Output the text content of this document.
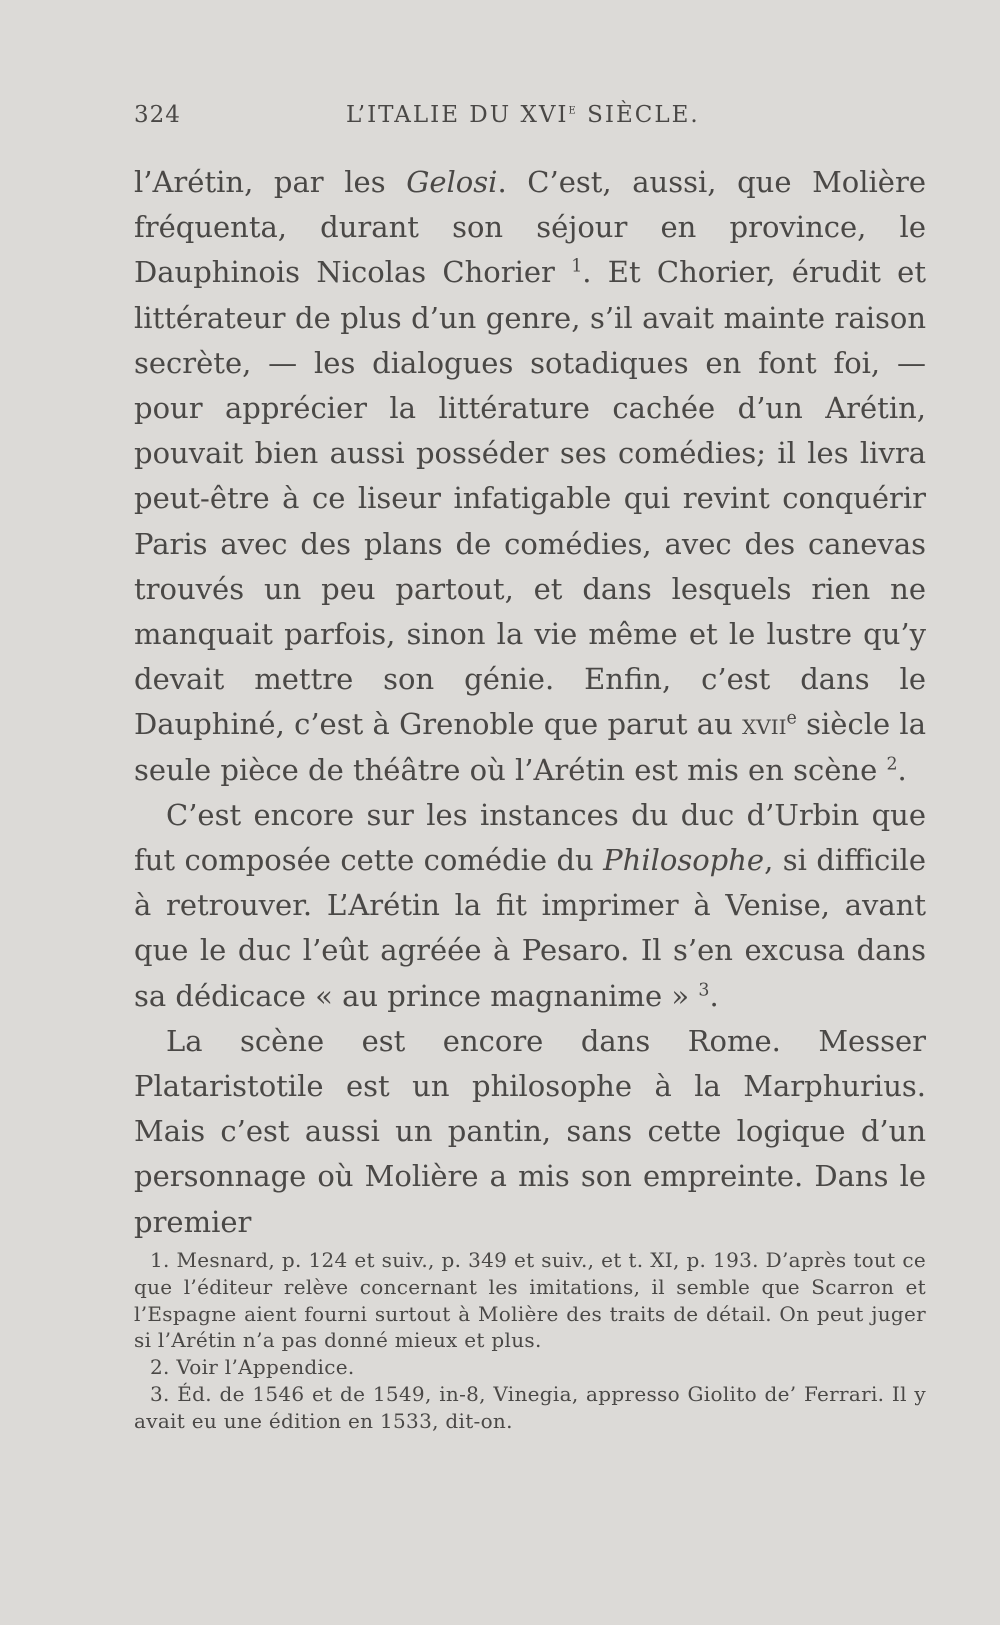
324	L’ITALIE DU XVIe SIÈCLE.

l’Arétin, par les Gelosi. C’est, aussi, que Molière fréquenta, durant son séjour en province, le Dauphinois Nicolas Chorier $^1$. Et Chorier, érudit et littérateur de plus d’un genre, s’il avait mainte raison secrète, — les dialogues sotadiques en font foi, — pour apprécier la littérature cachée d’un Arétin, pouvait bien aussi posséder ses comédies; il les livra peut-être à ce liseur infatigable qui revint conquérir Paris avec des plans de comédies, avec des canevas trouvés un peu partout, et dans lesquels rien ne manquait parfois, sinon la vie même et le lustre qu’y devait mettre son génie. Enfin, c’est dans le Dauphiné, c’est à Grenoble que parut au xvii$^e$ siècle la seule pièce de théâtre où l’Arétin est mis en scène $^2$.

C’est encore sur les instances du duc d’Urbin que fut composée cette comédie du Philosophe, si difficile à retrouver. L’Arétin la fit imprimer à Venise, avant que le duc l’eût agréée à Pesaro. Il s’en excusa dans sa dédicace « au prince magnanime » $^3$.

La scène est encore dans Rome. Messer Plataristotile est un philosophe à la Marphurius. Mais c’est aussi un pantin, sans cette logique d’un personnage où Molière a mis son empreinte. Dans le premier

1. Mesnard, p. 124 et suiv., p. 349 et suiv., et t. XI, p. 193. D’après tout ce que l’éditeur relève concernant les imitations, il semble que Scarron et l’Espagne aient fourni surtout à Molière des traits de détail. On peut juger si l’Arétin n’a pas donné mieux et plus.

2. Voir l’Appendice.

3. Éd. de 1546 et de 1549, in-8, Vinegia, appresso Giolito de’ Ferrari. Il y avait eu une édition en 1533, dit-on.
